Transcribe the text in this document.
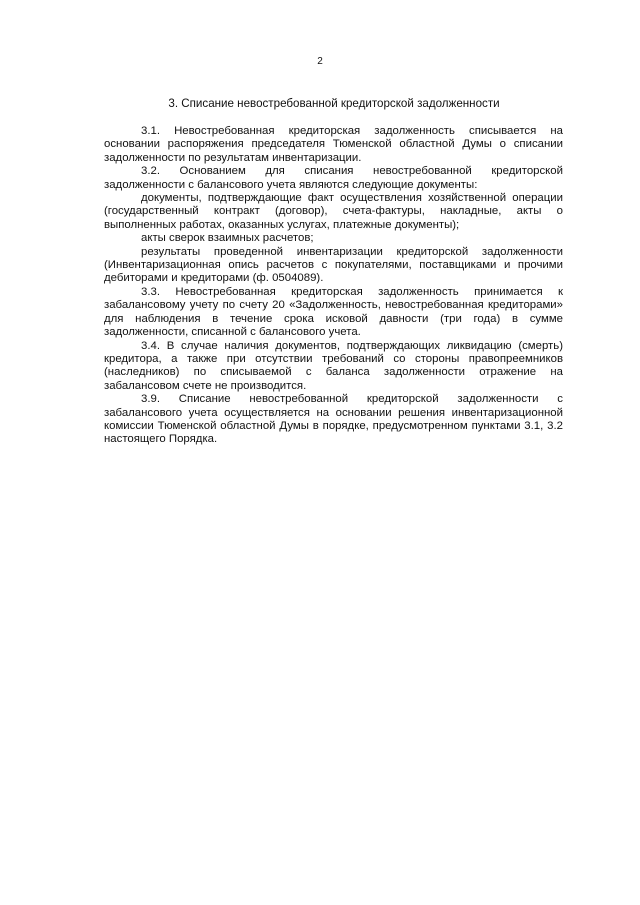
2
3. Списание невостребованной кредиторской задолженности

3.1. Невостребованная кредиторская задолженность списывается на основании распоряжения председателя Тюменской областной Думы о списании задолженности по результатам инвентаризации.

3.2. Основанием для списания невостребованной кредиторской задолженности с балансового учета являются следующие документы:

документы, подтверждающие факт осуществления хозяйственной операции (государственный контракт (договор), счета-фактуры, накладные, акты о выполненных работах, оказанных услугах, платежные документы);

акты сверок взаимных расчетов;

результаты проведенной инвентаризации кредиторской задолженности (Инвентаризационная опись расчетов с покупателями, поставщиками и прочими дебиторами и кредиторами (ф. 0504089).

3.3. Невостребованная кредиторская задолженность принимается к забалансовому учету по счету 20 «Задолженность, невостребованная кредиторами» для наблюдения в течение срока исковой давности (три года) в сумме задолженности, списанной с балансового учета.

3.4. В случае наличия документов, подтверждающих ликвидацию (смерть) кредитора, а также при отсутствии требований со стороны правопреемников (наследников) по списываемой с баланса задолженности отражение на забалансовом счете не производится.

3.9. Списание невостребованной кредиторской задолженности с забалансового учета осуществляется на основании решения инвентаризационной комиссии Тюменской областной Думы в порядке, предусмотренном пунктами 3.1, 3.2 настоящего Порядка.
